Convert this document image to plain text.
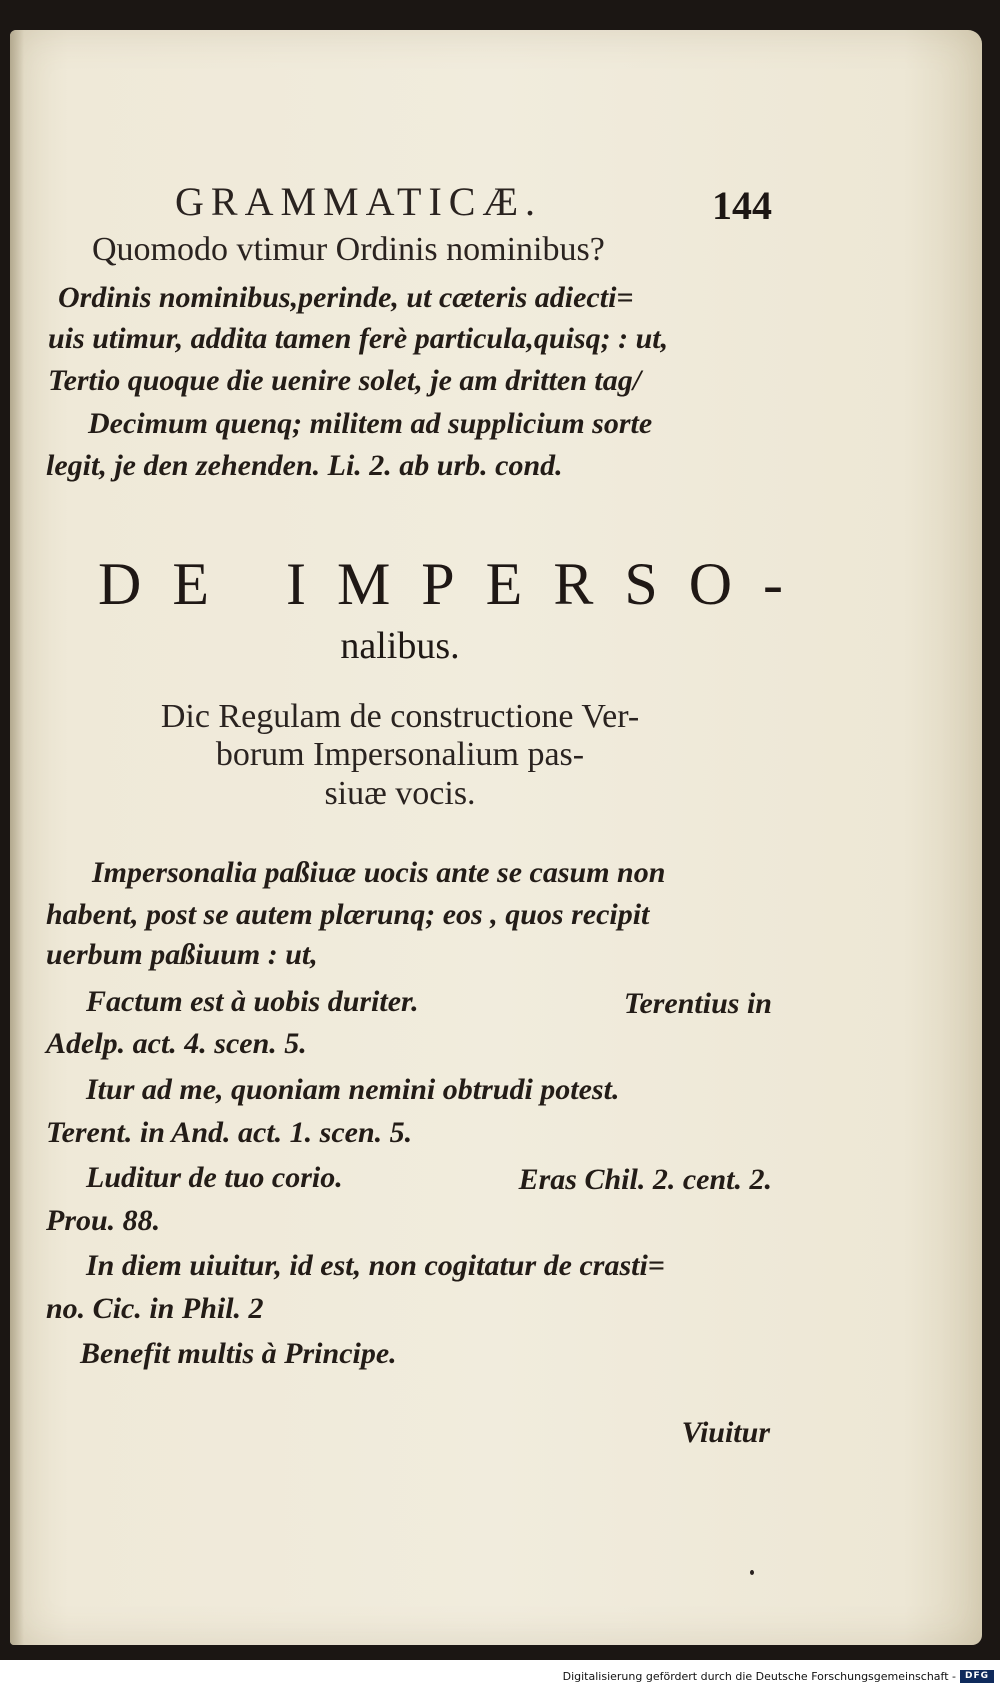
GRAMMATICÆ.	144
Quomodo vtimur Ordinis nominibus?
Ordinis nominibus,perinde, ut cæteris adiecti=
uis utimur, addita tamen ferè particula,quisq; : ut,
Tertio quoque die uenire solet, je am dritten tag/
Decimum quenq; militem ad supplicium sorte
legit, je den zehenden. Li. 2. ab urb. cond.
DE IMPERSO-
nalibus.
Dic Regulam de constructione Ver-
borum Impersonalium pas-
siuæ vocis.
Impersonalia paßiuæ uocis ante se casum non
habent, post se autem plærunq; eos , quos recipit
uerbum paßiuum : ut,
Factum est à uobis duriter.	Terentius in
Adelp. act. 4. scen. 5.
Itur ad me, quoniam nemini obtrudi potest.
Terent. in And. act. 1. scen. 5.
Luditur de tuo corio.	Eras Chil. 2. cent. 2.
Prou. 88.
In diem uiuitur, id est, non cogitatur de crasti=
no. Cic. in Phil. 2
Benefit multis à Principe.
Viuitur
Digitalisierung gefördert durch die Deutsche Forschungsgemeinschaft - DFG
